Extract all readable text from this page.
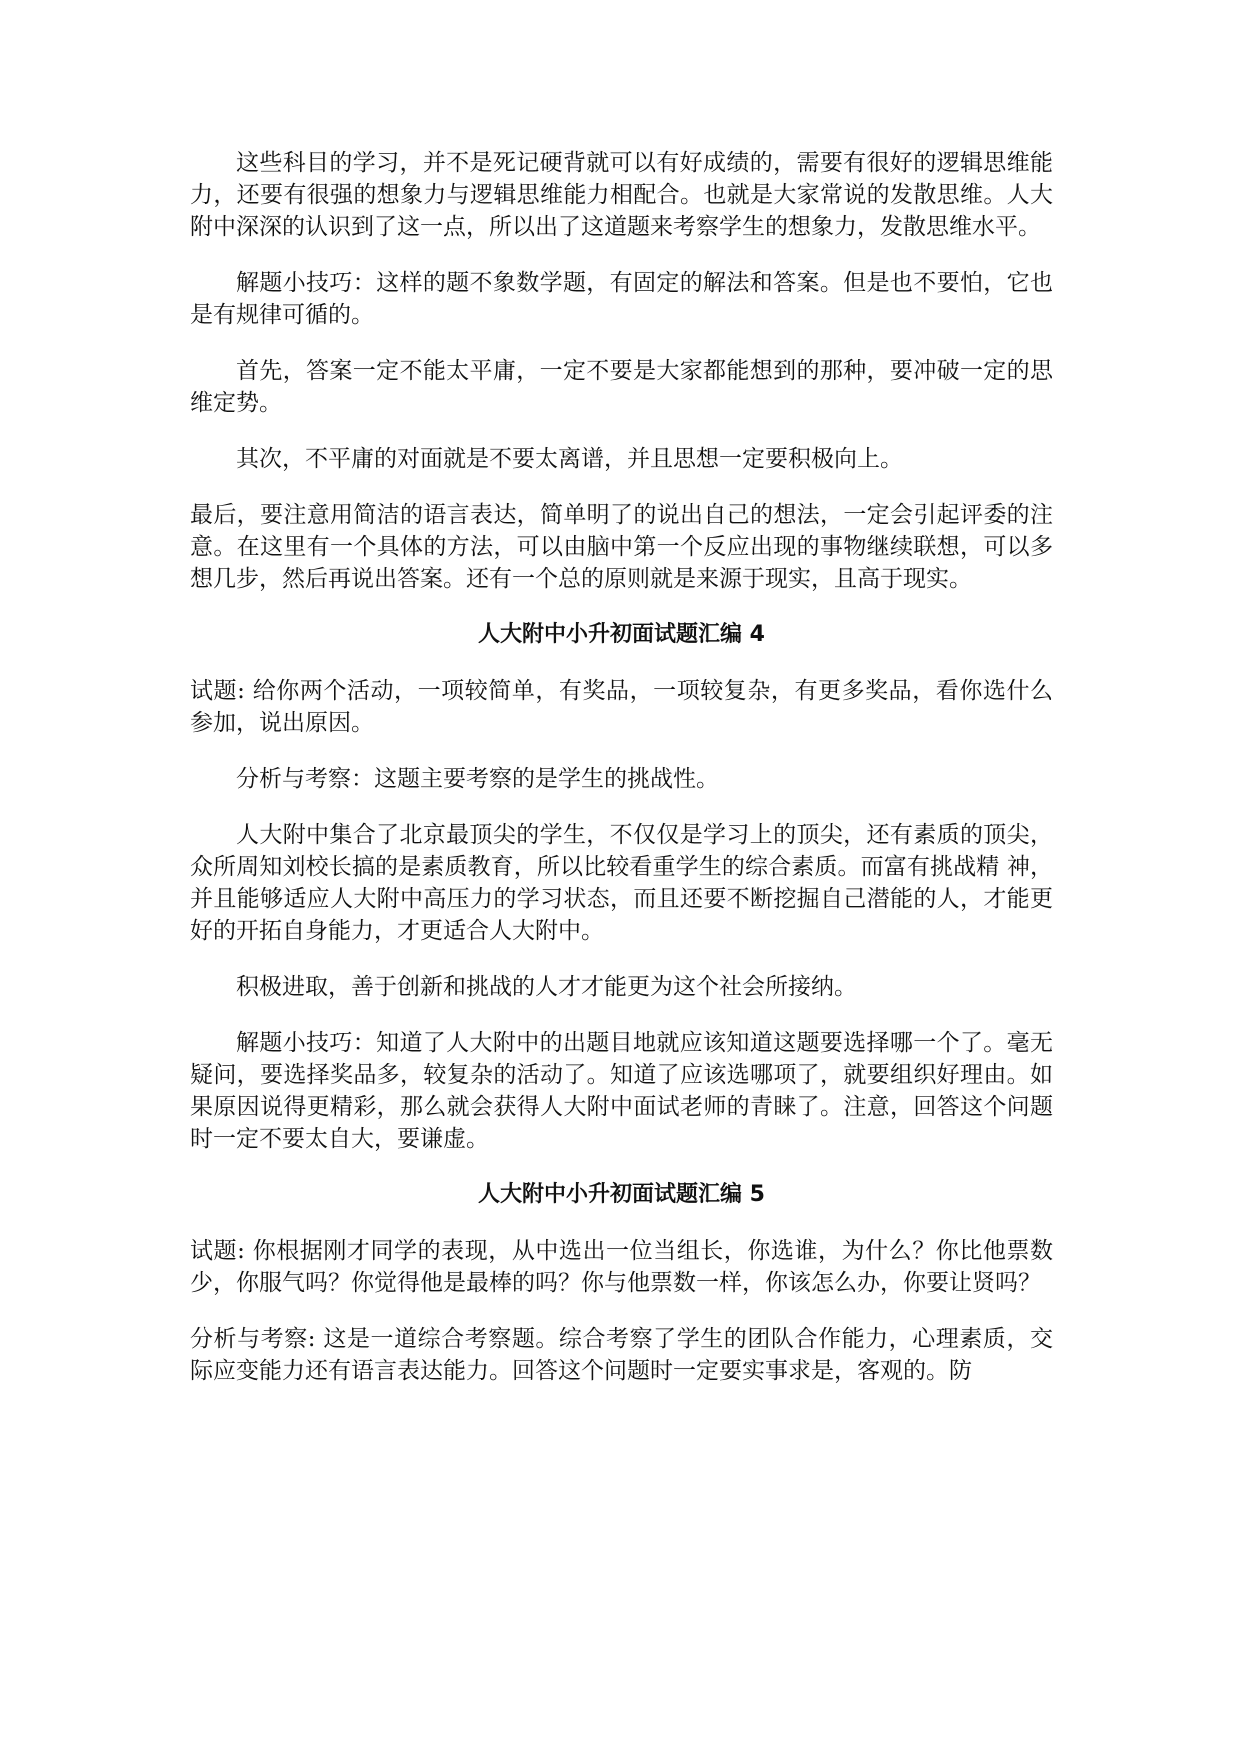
这些科目的学习，并不是死记硬背就可以有好成绩的，需要有很好的逻辑思维能力，还要有很强的想象力与逻辑思维能力相配合。也就是大家常说的发散思维。人大附中深深的认识到了这一点，所以出了这道题来考察学生的想象力，发散思维水平。

解题小技巧：这样的题不象数学题，有固定的解法和答案。但是也不要怕，它也是有规律可循的。

首先，答案一定不能太平庸，一定不要是大家都能想到的那种，要冲破一定的思维定势。

其次，不平庸的对面就是不要太离谱，并且思想一定要积极向上。

最后，要注意用简洁的语言表达，简单明了的说出自己的想法，一定会引起评委的注意。在这里有一个具体的方法，可以由脑中第一个反应出现的事物继续联想，可以多想几步，然后再说出答案。还有一个总的原则就是来源于现实，且高于现实。

人大附中小升初面试题汇编 4

试题: 给你两个活动，一项较简单，有奖品，一项较复杂，有更多奖品，看你选什么参加，说出原因。

分析与考察：这题主要考察的是学生的挑战性。

人大附中集合了北京最顶尖的学生，不仅仅是学习上的顶尖，还有素质的顶尖，众所周知刘校长搞的是素质教育，所以比较看重学生的综合素质。而富有挑战精 神，并且能够适应人大附中高压力的学习状态，而且还要不断挖掘自己潜能的人，才能更好的开拓自身能力，才更适合人大附中。

积极进取，善于创新和挑战的人才才能更为这个社会所接纳。

解题小技巧：知道了人大附中的出题目地就应该知道这题要选择哪一个了。毫无疑问，要选择奖品多，较复杂的活动了。知道了应该选哪项了，就要组织好理由。如果原因说得更精彩，那么就会获得人大附中面试老师的青睐了。注意，回答这个问题时一定不要太自大，要谦虚。

人大附中小升初面试题汇编 5

试题: 你根据刚才同学的表现，从中选出一位当组长，你选谁，为什么？你比他票数少，你服气吗？你觉得他是最棒的吗？你与他票数一样，你该怎么办，你要让贤吗？

分析与考察: 这是一道综合考察题。综合考察了学生的团队合作能力，心理素质，交际应变能力还有语言表达能力。回答这个问题时一定要实事求是，客观的。防
